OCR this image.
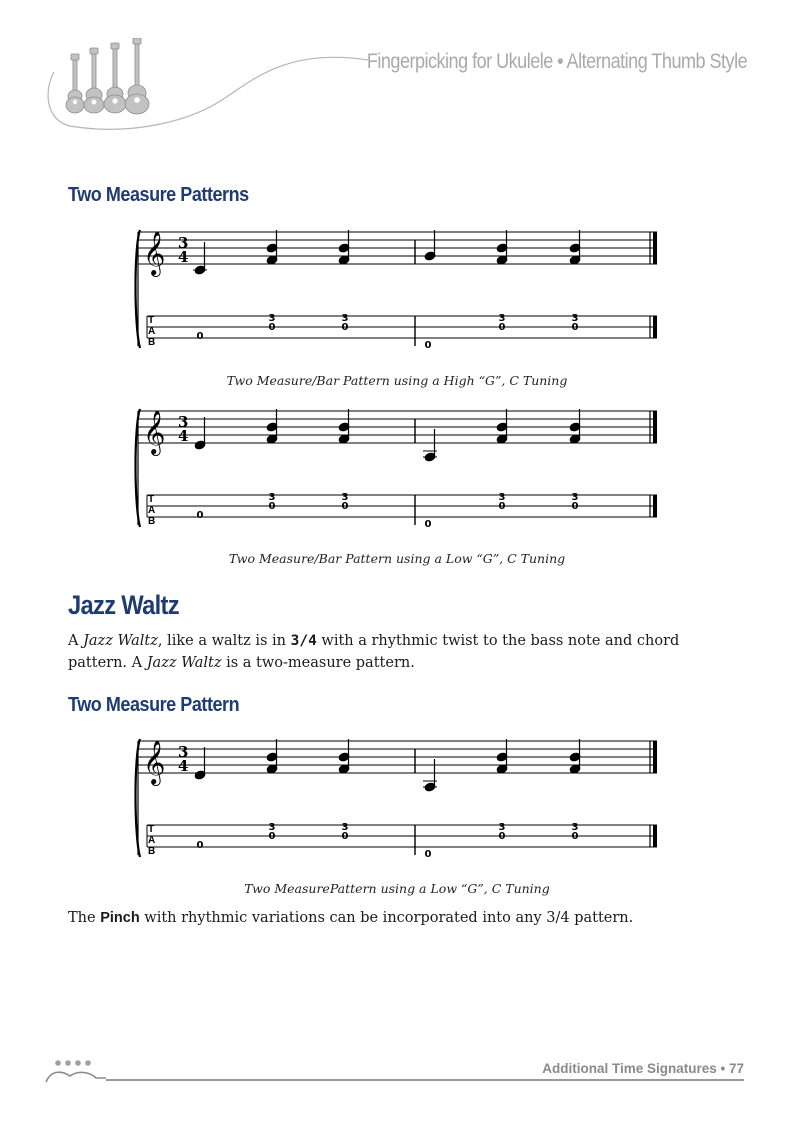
Fingerpicking for Ukulele • Alternating Thumb Style
Two Measure Patterns
𝄞 3
4
T
A
B
0
3
0
3
0
0
3
0
3
0
Two Measure/Bar Pattern using a High “G”, C Tuning
𝄞 3
4
T
A
B
0
3
0
3
0
0
3
0
3
0
Two Measure/Bar Pattern using a Low “G”, C Tuning
Jazz Waltz

A Jazz Waltz, like a waltz is in 3/4 with a rhythmic twist to the bass note and chord pattern. A Jazz Waltz is a two-measure pattern.

Two Measure Pattern
𝄞 3
4
T
A
B
0
3
0
3
0
0
3
0
3
0
Two MeasurePattern using a Low “G”, C Tuning

The Pinch with rhythmic variations can be incorporated into any 3/4 pattern.

Additional Time Signatures • 77
